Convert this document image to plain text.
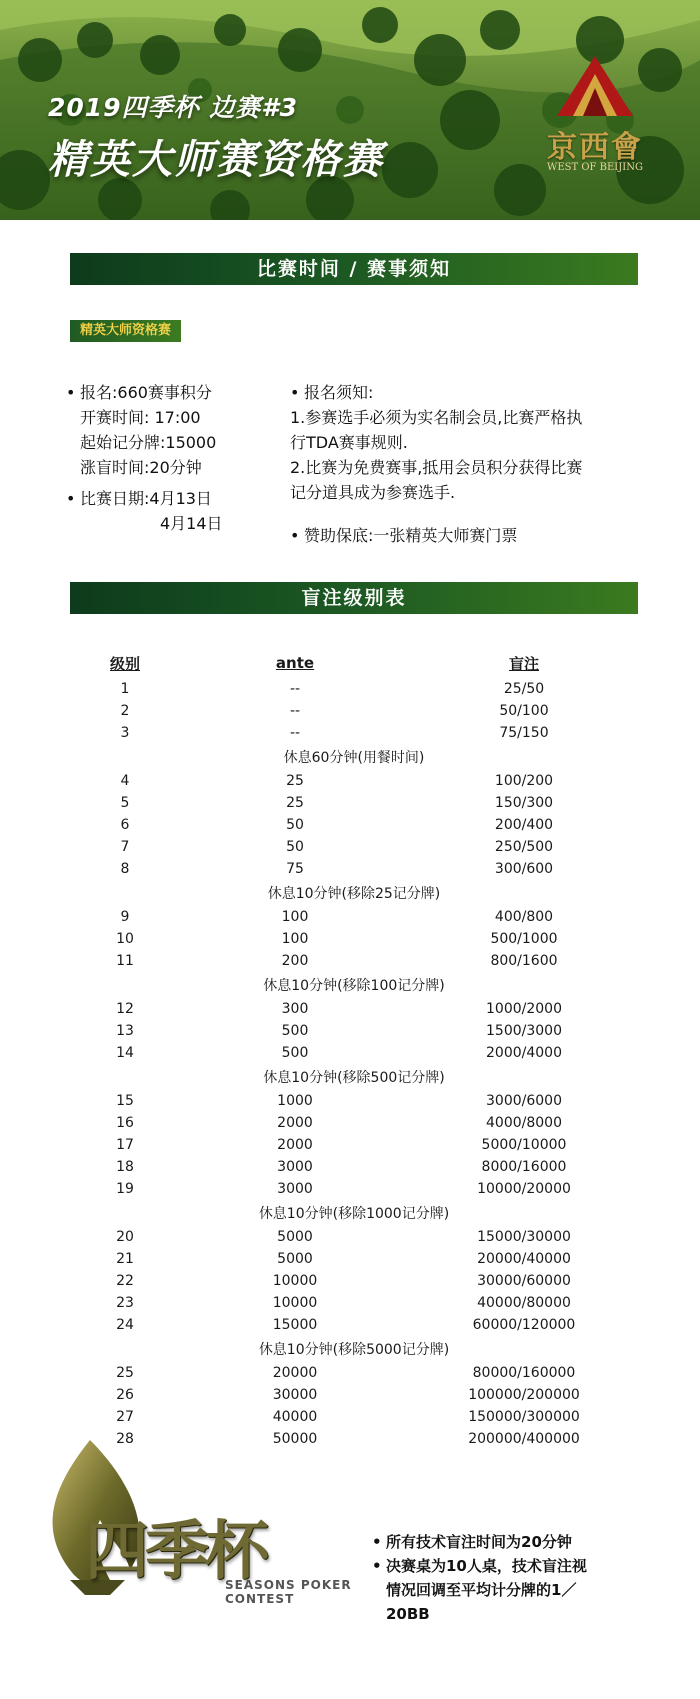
2019四季杯 边赛#3
精英大师赛资格赛	京西會
WEST OF BEIJING
比赛时间 / 赛事须知
精英大师资格赛
• 报名:660赛事积分
开赛时间: 17:00
起始记分牌:15000
涨盲时间:20分钟
• 比赛日期:4月13日
4月14日
• 报名须知:
1.参赛选手必须为实名制会员,比赛严格执
行TDA赛事规则.
2.比赛为免费赛事,抵用会员积分获得比赛
记分道具成为参赛选手.
• 赞助保底:一张精英大师赛门票
盲注级别表
级别	ante	盲注
1	--	25/50
2	--	50/100
3	--	75/150
休息60分钟(用餐时间)		
4	25	100/200
5	25	150/300
6	50	200/400
7	50	250/500
8	75	300/600
休息10分钟(移除25记分牌)		
9	100	400/800
10	100	500/1000
11	200	800/1600
休息10分钟(移除100记分牌)		
12	300	1000/2000
13	500	1500/3000
14	500	2000/4000
休息10分钟(移除500记分牌)		
15	1000	3000/6000
16	2000	4000/8000
17	2000	5000/10000
18	3000	8000/16000
19	3000	10000/20000
休息10分钟(移除1000记分牌)		
20	5000	15000/30000
21	5000	20000/40000
22	10000	30000/60000
23	10000	40000/80000
24	15000	60000/120000
休息10分钟(移除5000记分牌)		
25	20000	80000/160000
26	30000	100000/200000
27	40000	150000/300000
28	50000	200000/400000
四季杯
SEASONS POKER
CONTEST
• 所有技术盲注时间为20分钟
• 决赛桌为10人桌，技术盲注视
情况回调至平均计分牌的1／
20BB
